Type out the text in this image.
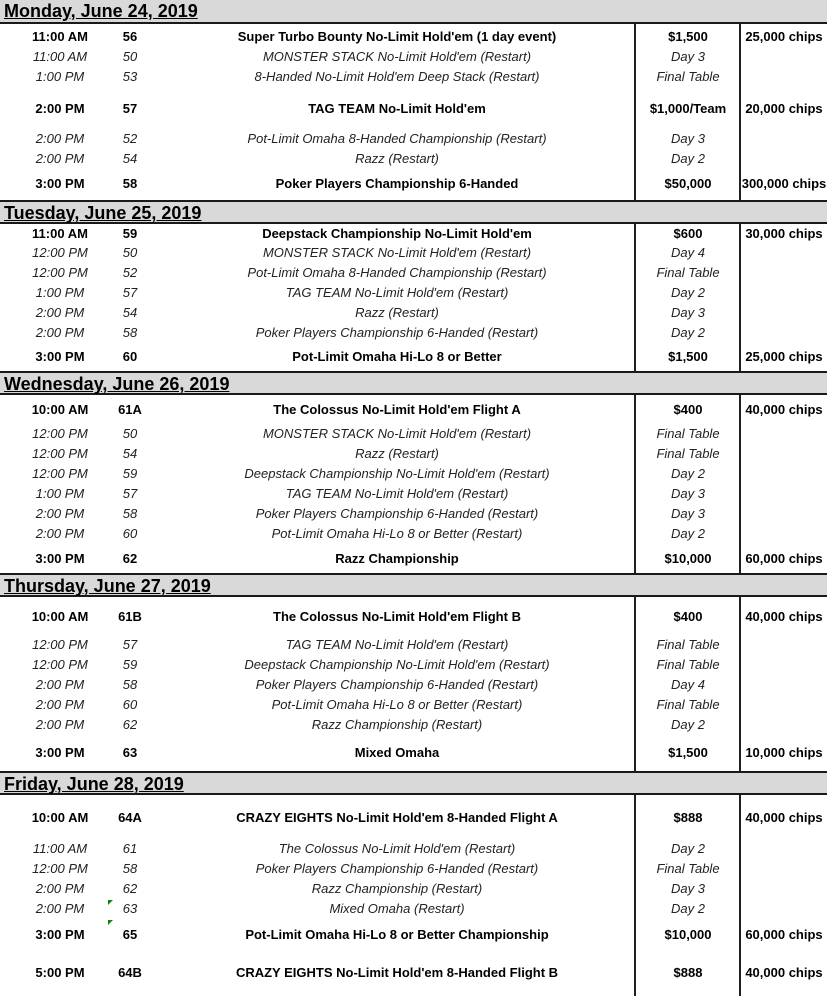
Monday, June 24, 2019
11:00 AM	56	Super Turbo Bounty No-Limit Hold'em (1 day event)	$1,500	25,000 chips
11:00 AM	50	MONSTER STACK No-Limit Hold'em (Restart)	Day 3
1:00 PM	53	8-Handed No-Limit Hold'em Deep Stack (Restart)	Final Table
2:00 PM	57	TAG TEAM No-Limit Hold'em	$1,000/Team	20,000 chips
2:00 PM	52	Pot-Limit Omaha 8-Handed Championship (Restart)	Day 3
2:00 PM	54	Razz (Restart)	Day 2
3:00 PM	58	Poker Players Championship 6-Handed	$50,000	300,000 chips
Tuesday, June 25, 2019
11:00 AM	59	Deepstack Championship No-Limit Hold'em	$600	30,000 chips
12:00 PM	50	MONSTER STACK No-Limit Hold'em (Restart)	Day 4
12:00 PM	52	Pot-Limit Omaha 8-Handed Championship (Restart)	Final Table
1:00 PM	57	TAG TEAM No-Limit Hold'em (Restart)	Day 2
2:00 PM	54	Razz (Restart)	Day 3
2:00 PM	58	Poker Players Championship 6-Handed (Restart)	Day 2
3:00 PM	60	Pot-Limit Omaha Hi-Lo 8 or Better	$1,500	25,000 chips
Wednesday, June 26, 2019
10:00 AM	61A	The Colossus No-Limit Hold'em Flight A	$400	40,000 chips
12:00 PM	50	MONSTER STACK No-Limit Hold'em (Restart)	Final Table
12:00 PM	54	Razz (Restart)	Final Table
12:00 PM	59	Deepstack Championship No-Limit Hold'em (Restart)	Day 2
1:00 PM	57	TAG TEAM No-Limit Hold'em (Restart)	Day 3
2:00 PM	58	Poker Players Championship 6-Handed (Restart)	Day 3
2:00 PM	60	Pot-Limit Omaha Hi-Lo 8 or Better (Restart)	Day 2
3:00 PM	62	Razz Championship	$10,000	60,000 chips
Thursday, June 27, 2019
10:00 AM	61B	The Colossus No-Limit Hold'em Flight B	$400	40,000 chips
12:00 PM	57	TAG TEAM No-Limit Hold'em (Restart)	Final Table
12:00 PM	59	Deepstack Championship No-Limit Hold'em (Restart)	Final Table
2:00 PM	58	Poker Players Championship 6-Handed (Restart)	Day 4
2:00 PM	60	Pot-Limit Omaha Hi-Lo 8 or Better (Restart)	Final Table
2:00 PM	62	Razz Championship (Restart)	Day 2
3:00 PM	63	Mixed Omaha	$1,500	10,000 chips
Friday, June 28, 2019
10:00 AM	64A	CRAZY EIGHTS No-Limit Hold'em 8-Handed Flight A	$888	40,000 chips
11:00 AM	61	The Colossus No-Limit Hold'em (Restart)	Day 2
12:00 PM	58	Poker Players Championship 6-Handed (Restart)	Final Table
2:00 PM	62	Razz Championship (Restart)	Day 3
2:00 PM	63	Mixed Omaha (Restart)	Day 2
3:00 PM	65	Pot-Limit Omaha Hi-Lo 8 or Better Championship	$10,000	60,000 chips
5:00 PM	64B	CRAZY EIGHTS No-Limit Hold'em 8-Handed Flight B	$888	40,000 chips
